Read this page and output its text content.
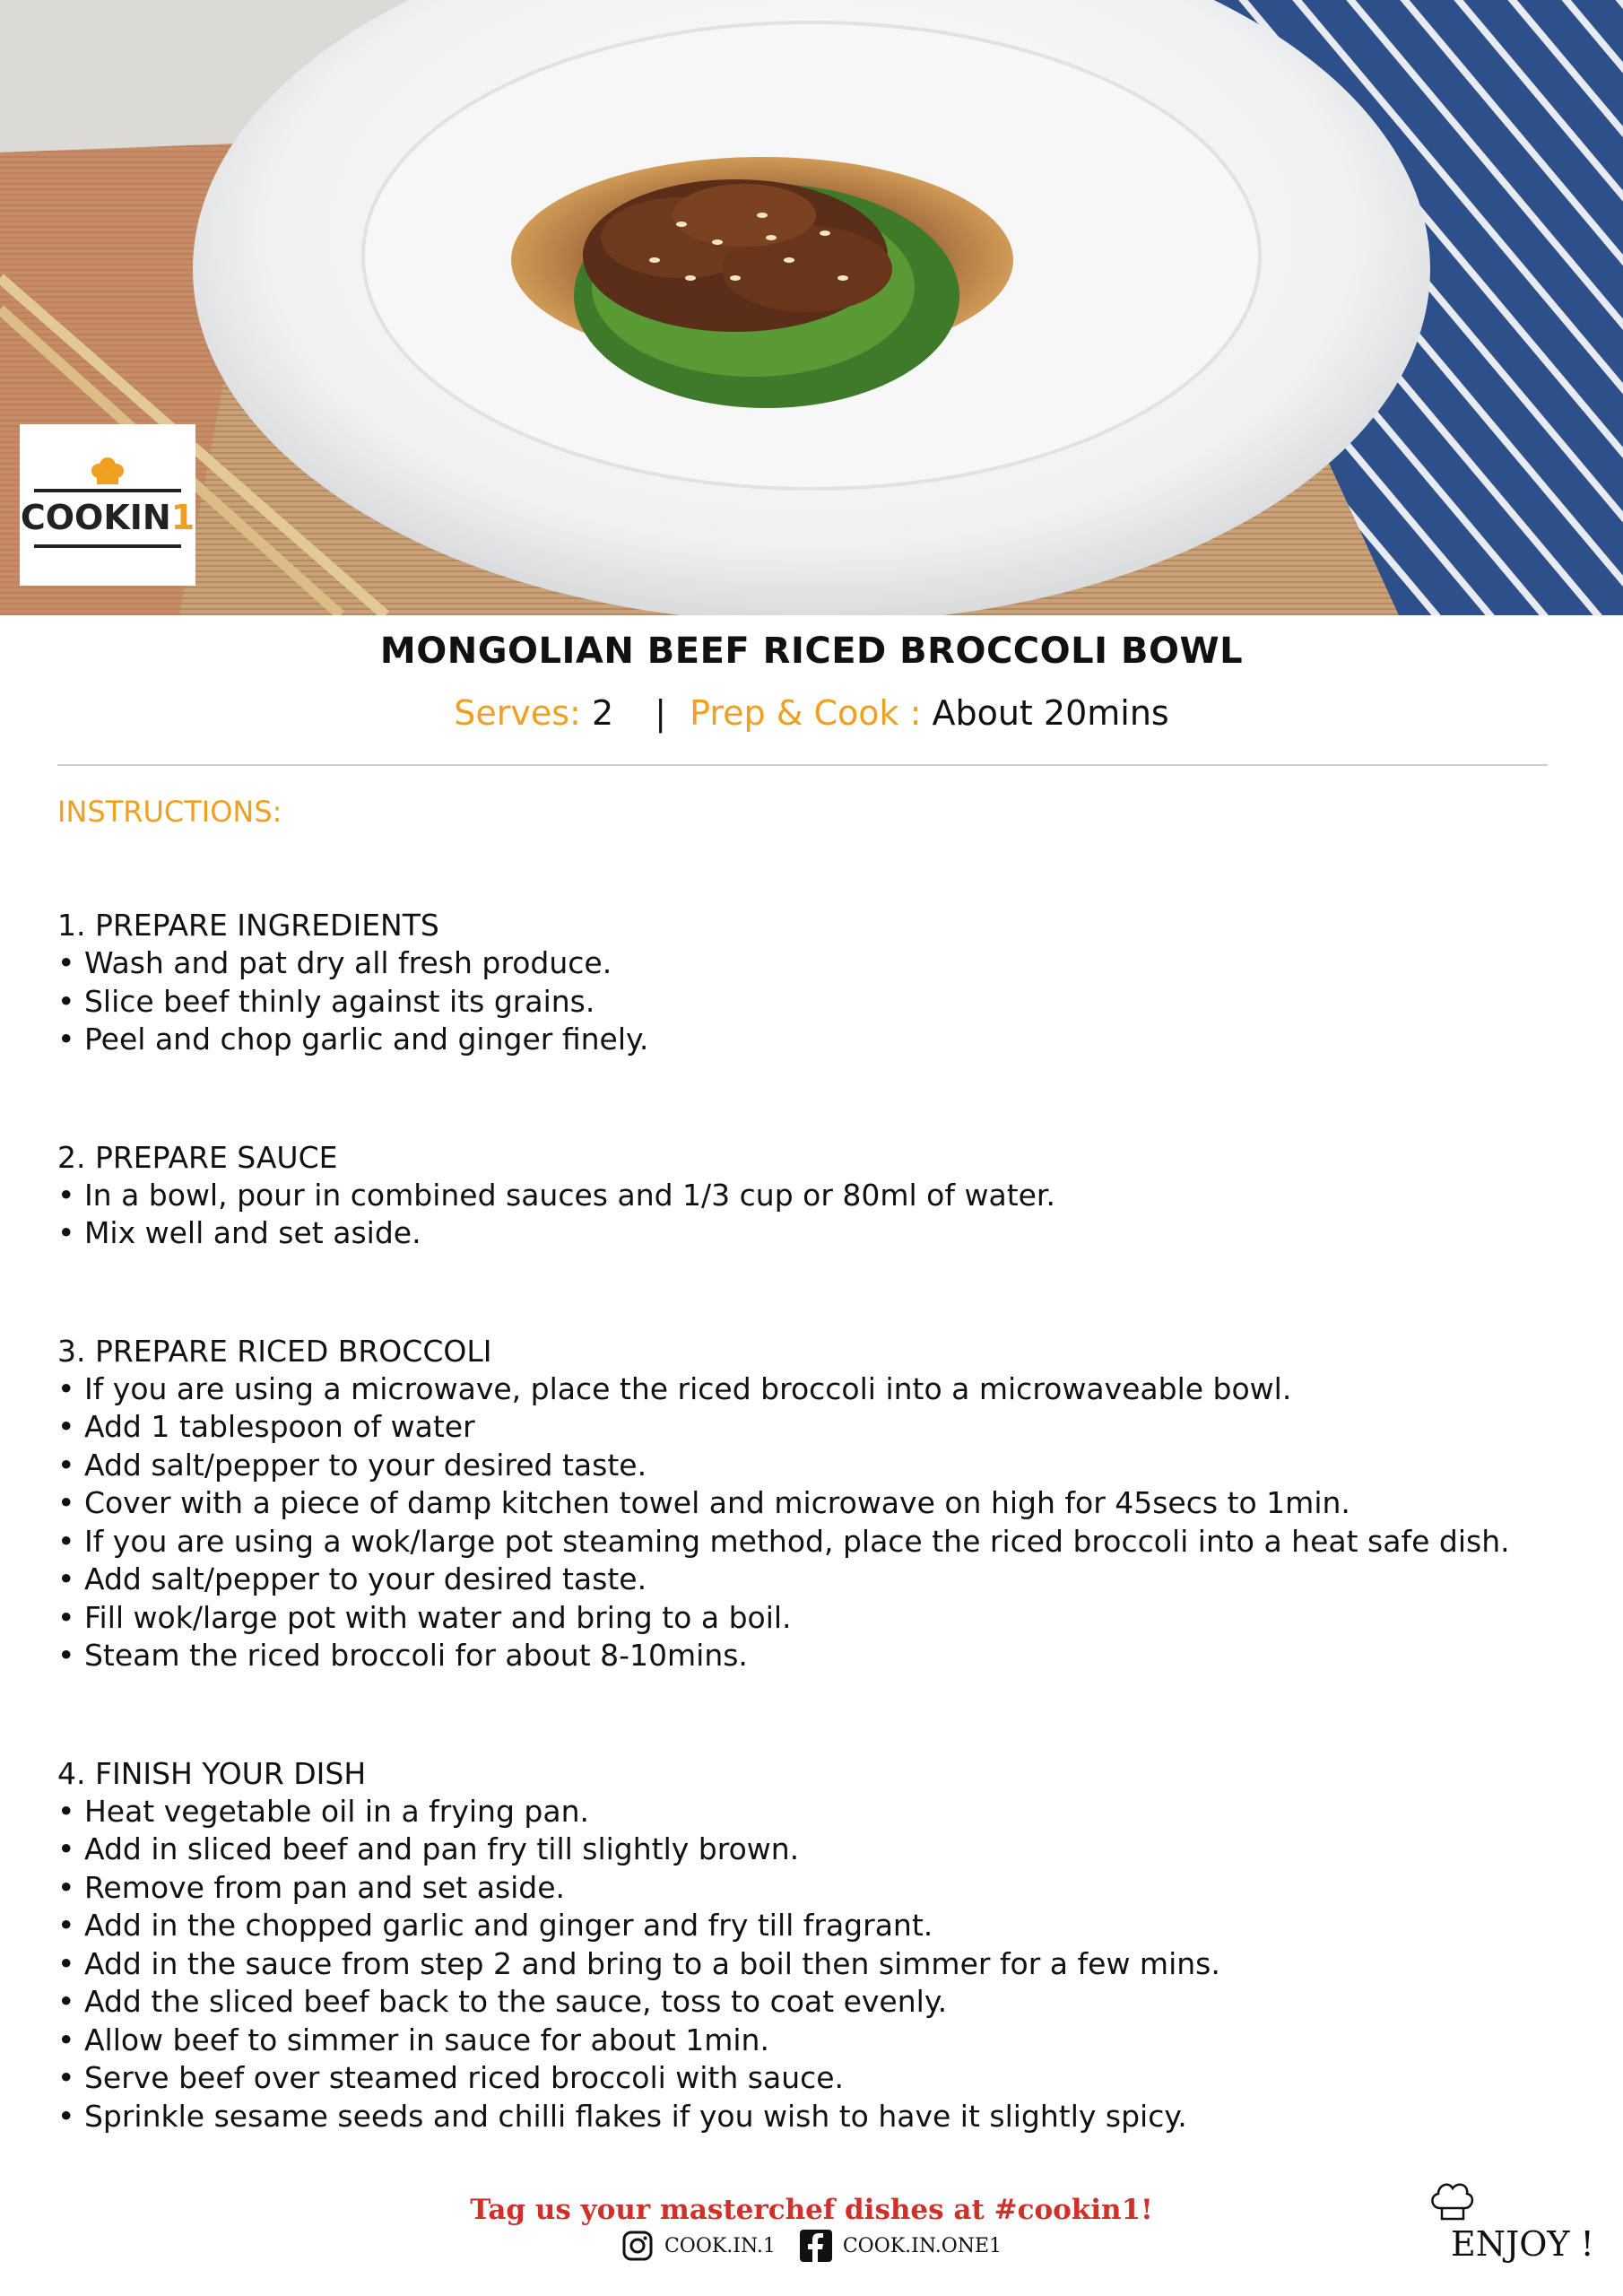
COOKIN1
MONGOLIAN BEEF RICED BROCCOLI BOWL
Serves: 2 | Prep & Cook : About 20mins
INSTRUCTIONS:
1. PREPARE INGREDIENTS
• Wash and pat dry all fresh produce.
• Slice beef thinly against its grains.
• Peel and chop garlic and ginger finely.
2. PREPARE SAUCE
• In a bowl, pour in combined sauces and 1/3 cup or 80ml of water.
• Mix well and set aside.
3. PREPARE RICED BROCCOLI
• If you are using a microwave, place the riced broccoli into a microwaveable bowl.
• Add 1 tablespoon of water
• Add salt/pepper to your desired taste.
• Cover with a piece of damp kitchen towel and microwave on high for 45secs to 1min.
• If you are using a wok/large pot steaming method, place the riced broccoli into a heat safe dish.
• Add salt/pepper to your desired taste.
• Fill wok/large pot with water and bring to a boil.
• Steam the riced broccoli for about 8-10mins.
4. FINISH YOUR DISH
• Heat vegetable oil in a frying pan.
• Add in sliced beef and pan fry till slightly brown.
• Remove from pan and set aside.
• Add in the chopped garlic and ginger and fry till fragrant.
• Add in the sauce from step 2 and bring to a boil then simmer for a few mins.
• Add the sliced beef back to the sauce, toss to coat evenly.
• Allow beef to simmer in sauce for about 1min.
• Serve beef over steamed riced broccoli with sauce.
• Sprinkle sesame seeds and chilli flakes if you wish to have it slightly spicy.
Tag us your masterchef dishes at #cookin1!
COOK.IN.1
	COOK.IN.ONE1	ENJOY !
